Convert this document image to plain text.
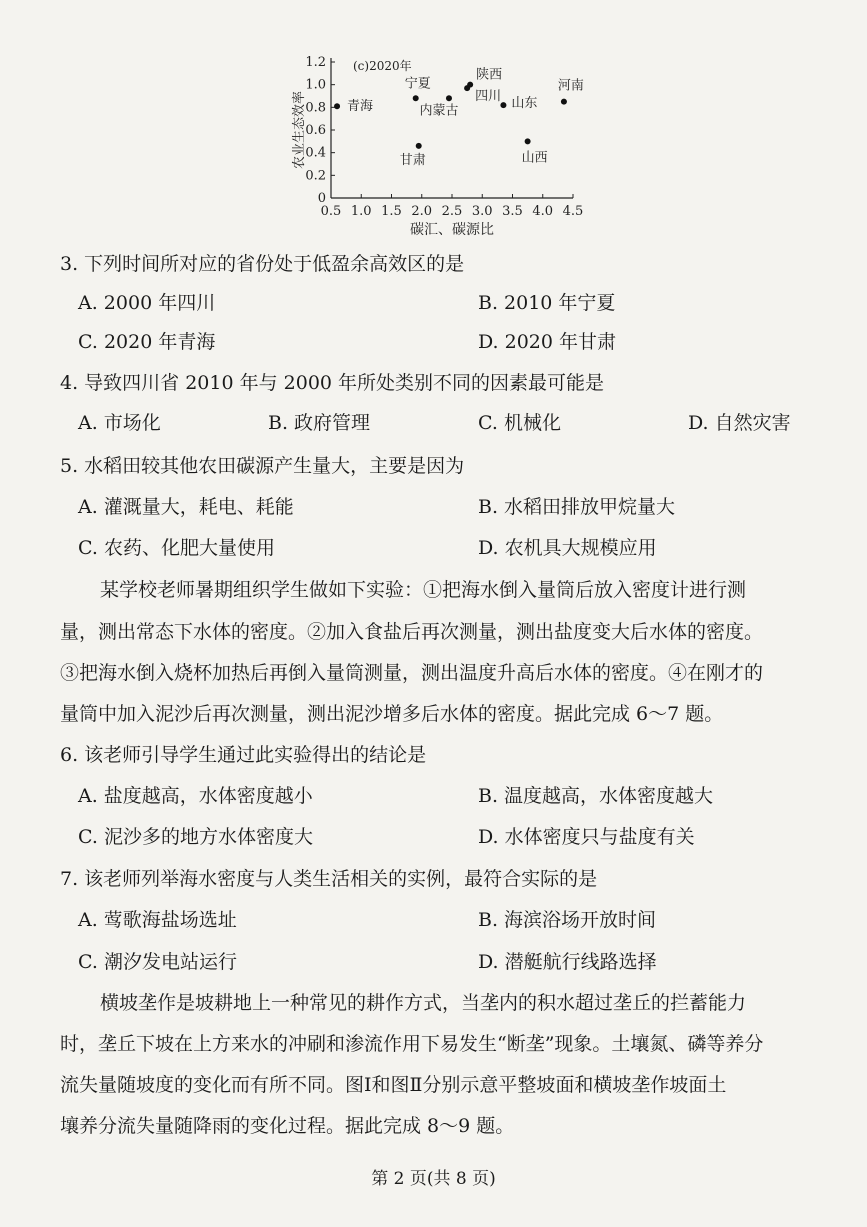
0.5 1.0 1.5 2.0 2.5 3.0 3.5 4.0 4.5
0
0.2
0.4
0.6
0.8
1.0
1.2 (c)2020年
碳汇、碳源比
农业生态效率	青海
宁夏
内蒙古
陕西
四川 山东
河南
甘肃	山西
3. 下列时间所对应的省份处于低盈余高效区的是
A. 2000 年四川	B. 2010 年宁夏
C. 2020 年青海	D. 2020 年甘肃
4. 导致四川省 2010 年与 2000 年所处类别不同的因素最可能是
A. 市场化	B. 政府管理	C. 机械化	D. 自然灾害
5. 水稻田较其他农田碳源产生量大，主要是因为
A. 灌溉量大，耗电、耗能	B. 水稻田排放甲烷量大
C. 农药、化肥大量使用	D. 农机具大规模应用
某学校老师暑期组织学生做如下实验：①把海水倒入量筒后放入密度计进行测
量，测出常态下水体的密度。②加入食盐后再次测量，测出盐度变大后水体的密度。
③把海水倒入烧杯加热后再倒入量筒测量，测出温度升高后水体的密度。④在刚才的
量筒中加入泥沙后再次测量，测出泥沙增多后水体的密度。据此完成 6～7 题。
6. 该老师引导学生通过此实验得出的结论是
A. 盐度越高，水体密度越小	B. 温度越高，水体密度越大
C. 泥沙多的地方水体密度大	D. 水体密度只与盐度有关
7. 该老师列举海水密度与人类生活相关的实例，最符合实际的是
A. 莺歌海盐场选址	B. 海滨浴场开放时间
C. 潮汐发电站运行	D. 潜艇航行线路选择
横坡垄作是坡耕地上一种常见的耕作方式，当垄内的积水超过垄丘的拦蓄能力
时，垄丘下坡在上方来水的冲刷和渗流作用下易发生“断垄”现象。土壤氮、磷等养分
流失量随坡度的变化而有所不同。图Ⅰ和图Ⅱ分别示意平整坡面和横坡垄作坡面土
壤养分流失量随降雨的变化过程。据此完成 8～9 题。
第 2 页(共 8 页)
